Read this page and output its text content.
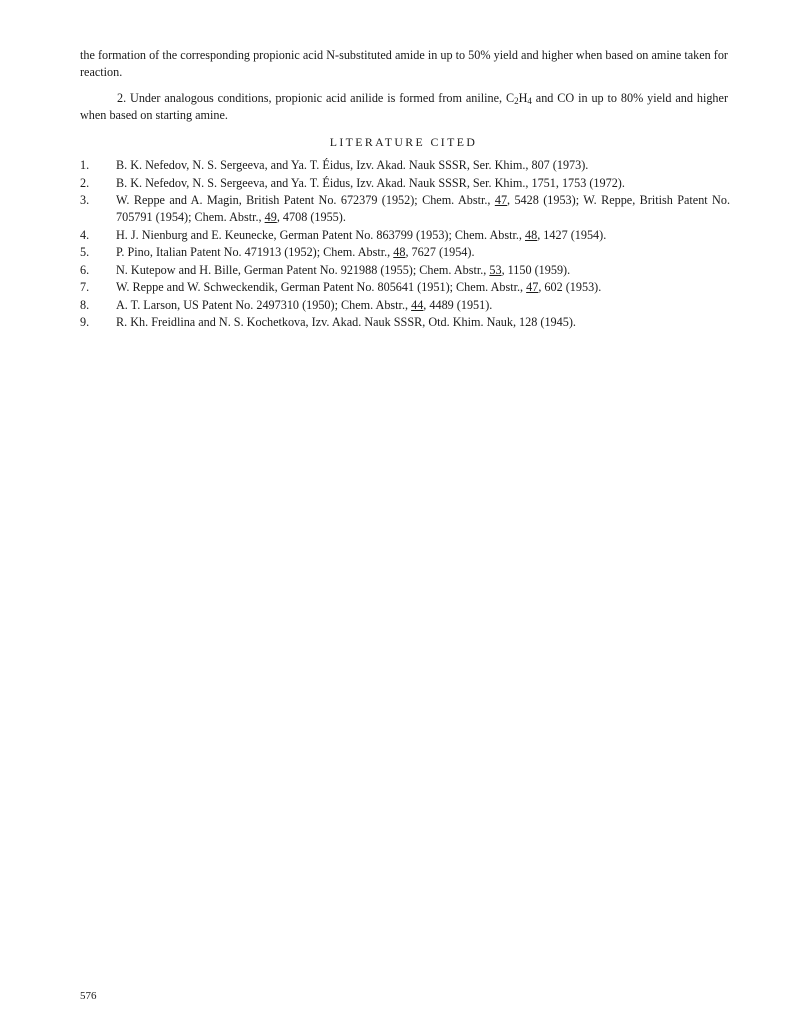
the formation of the corresponding propionic acid N-substituted amide in up to 50% yield and higher when based on amine taken for reaction.

2. Under analogous conditions, propionic acid anilide is formed from aniline, $C_2H_4$ and CO in up to 80% yield and higher when based on starting amine.

LITERATURE CITED
1.	B. K. Nefedov, N. S. Sergeeva, and Ya. T. Éidus, Izv. Akad. Nauk SSSR, Ser. Khim., 807 (1973).
2.	B. K. Nefedov, N. S. Sergeeva, and Ya. T. Éidus, Izv. Akad. Nauk SSSR, Ser. Khim., 1751, 1753 (1972).
3.	W. Reppe and A. Magin, British Patent No. 672379 (1952); Chem. Abstr., 47, 5428 (1953); W. Reppe, British Patent No. 705791 (1954); Chem. Abstr., 49, 4708 (1955).
4.	H. J. Nienburg and E. Keunecke, German Patent No. 863799 (1953); Chem. Abstr., 48, 1427 (1954).
5.	P. Pino, Italian Patent No. 471913 (1952); Chem. Abstr., 48, 7627 (1954).
6.	N. Kutepow and H. Bille, German Patent No. 921988 (1955); Chem. Abstr., 53, 1150 (1959).
7.	W. Reppe and W. Schweckendik, German Patent No. 805641 (1951); Chem. Abstr., 47, 602 (1953).
8.	A. T. Larson, US Patent No. 2497310 (1950); Chem. Abstr., 44, 4489 (1951).
9.	R. Kh. Freidlina and N. S. Kochetkova, Izv. Akad. Nauk SSSR, Otd. Khim. Nauk, 128 (1945).
576
